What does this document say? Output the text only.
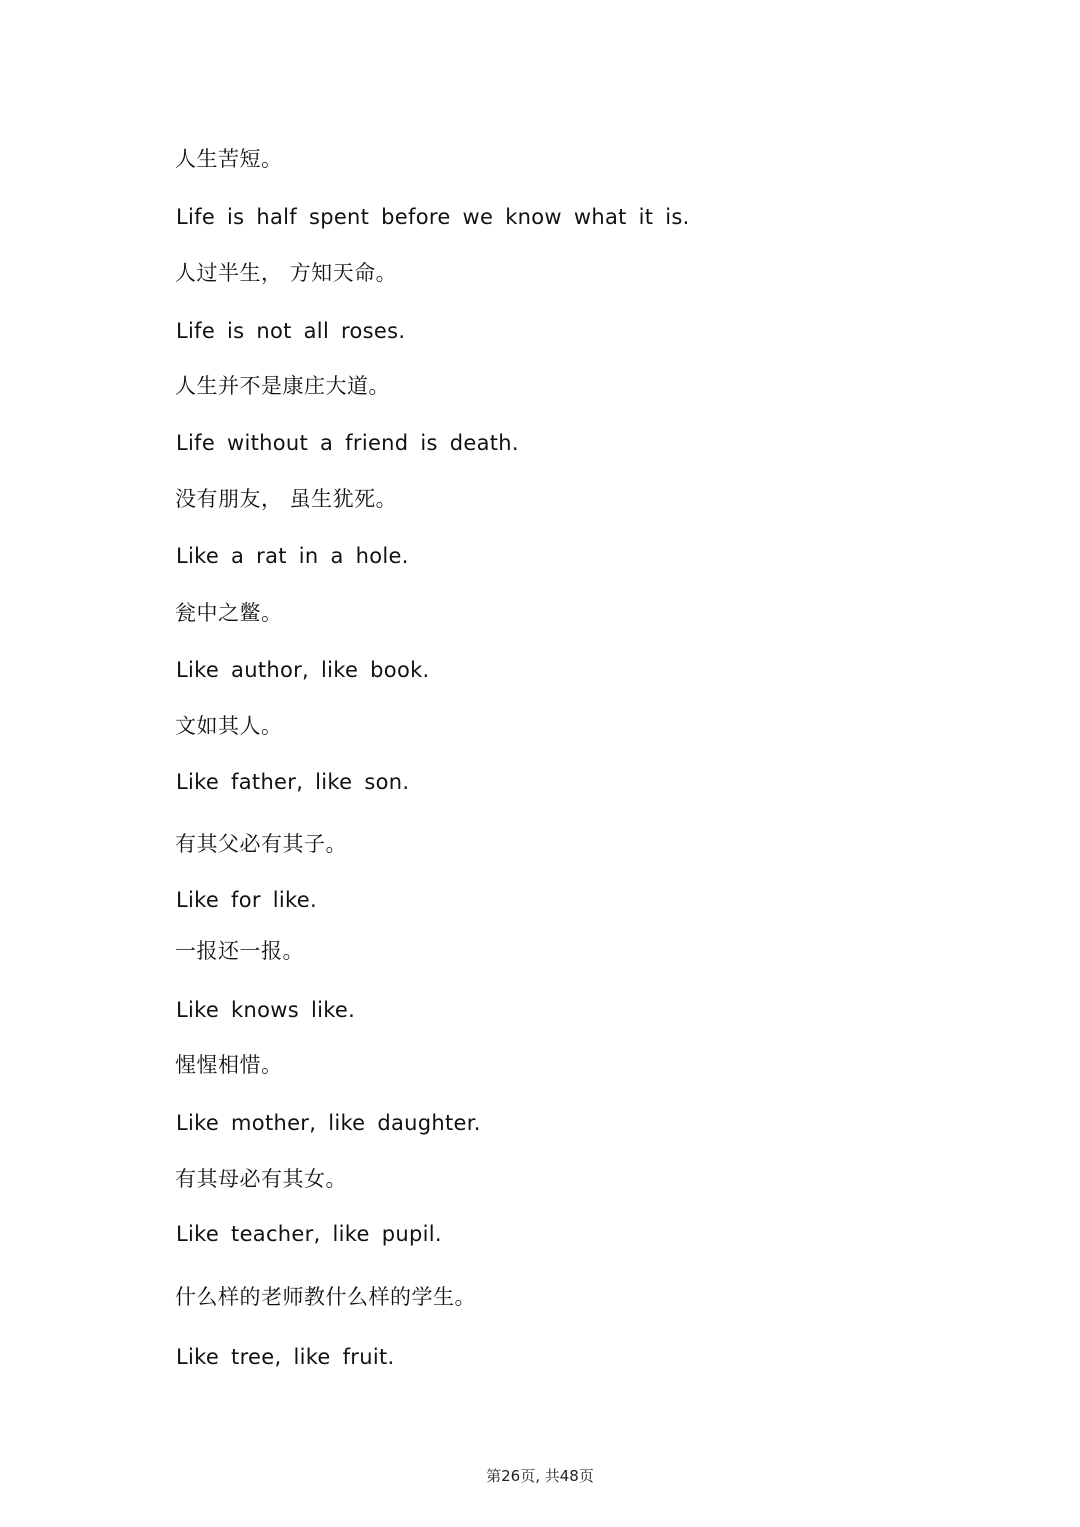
人生苦短。
Life is half spent before we know what it is.
人过半生， 方知天命。
Life is not all roses.
人生并不是康庄大道。
Life without a friend is death.
没有朋友， 虽生犹死。
Like a rat in a hole.
瓮中之鳖。
Like author, like book.
文如其人。
Like father, like son.
有其父必有其子。
Like for like.
一报还一报。
Like knows like.
惺惺相惜。
Like mother, like daughter.
有其母必有其女。
Like teacher, like pupil.
什么样的老师教什么样的学生。
Like tree, like fruit.
第26页, 共48页
